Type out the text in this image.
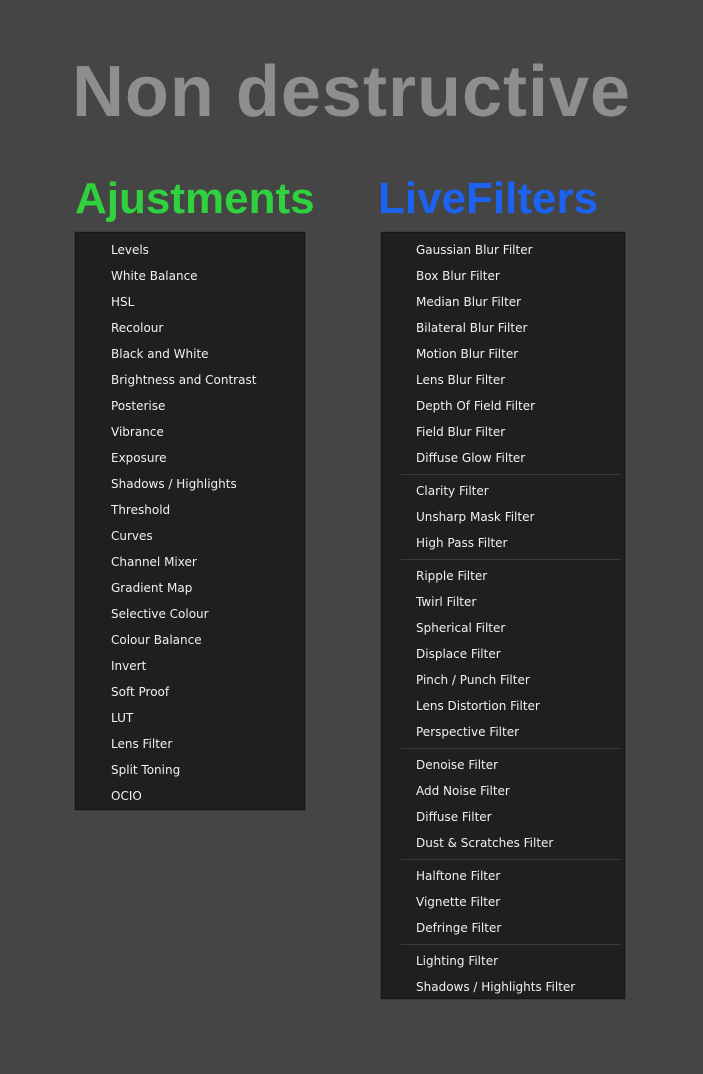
Non destructive
Ajustments LiveFilters
Levels
White Balance
HSL
Recolour
Black and White
Brightness and Contrast
Posterise
Vibrance
Exposure
Shadows / Highlights
Threshold
Curves
Channel Mixer
Gradient Map
Selective Colour
Colour Balance
Invert
Soft Proof
LUT
Lens Filter
Split Toning
OCIO
Gaussian Blur Filter
Box Blur Filter
Median Blur Filter
Bilateral Blur Filter
Motion Blur Filter
Lens Blur Filter
Depth Of Field Filter
Field Blur Filter
Diffuse Glow Filter
Clarity Filter
Unsharp Mask Filter
High Pass Filter
Ripple Filter
Twirl Filter
Spherical Filter
Displace Filter
Pinch / Punch Filter
Lens Distortion Filter
Perspective Filter
Denoise Filter
Add Noise Filter
Diffuse Filter
Dust & Scratches Filter
Halftone Filter
Vignette Filter
Defringe Filter
Lighting Filter
Shadows / Highlights Filter
